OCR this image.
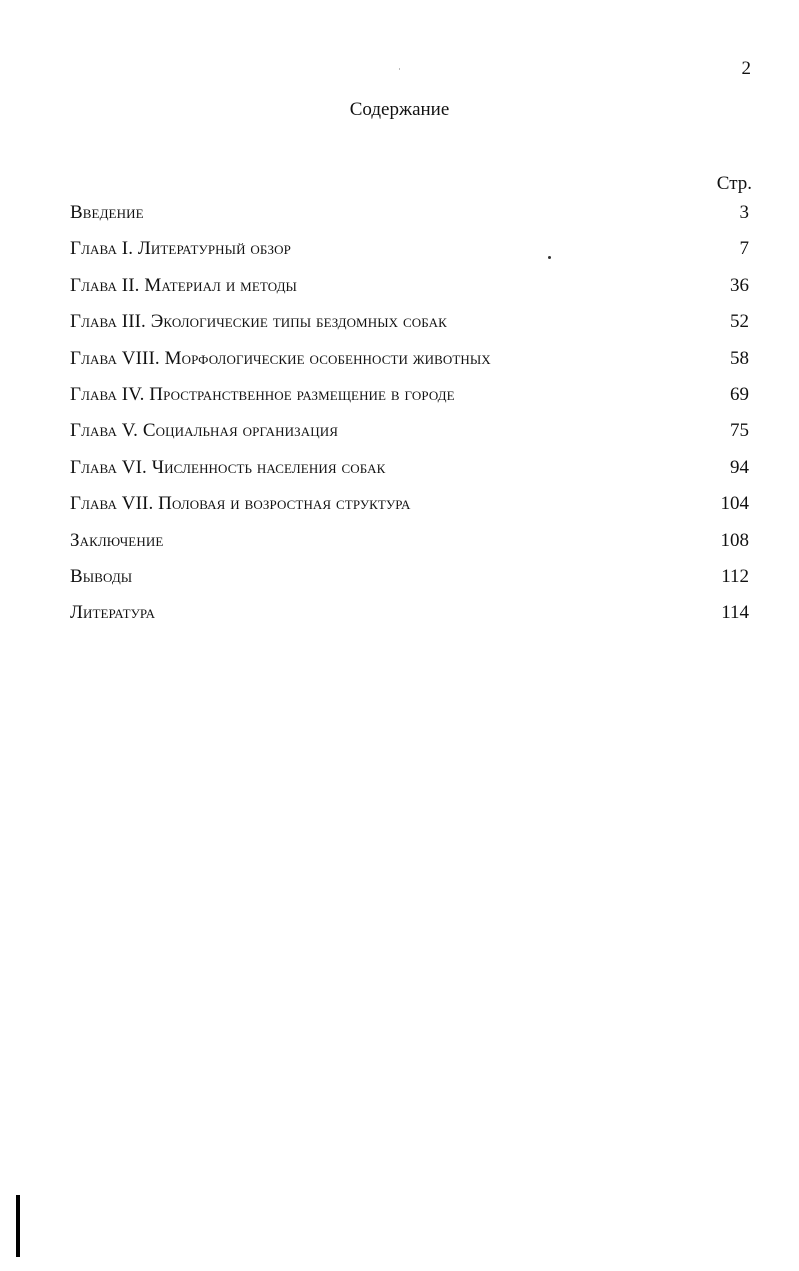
2
Содержание
Стр.
Введение	3
Глава I. Литературный обзор	7
Глава II. Материал и методы	36
Глава III. Экологические типы бездомных собак	52
Глава VIII. Морфологические особенности животных	58
Глава IV. Пространственное размещение в городе	69
Глава V. Социальная организация	75
Глава VI. Численность населения собак	94
Глава VII. Половая и возростная структура	104
Заключение	108
Выводы	112
Литература	114
